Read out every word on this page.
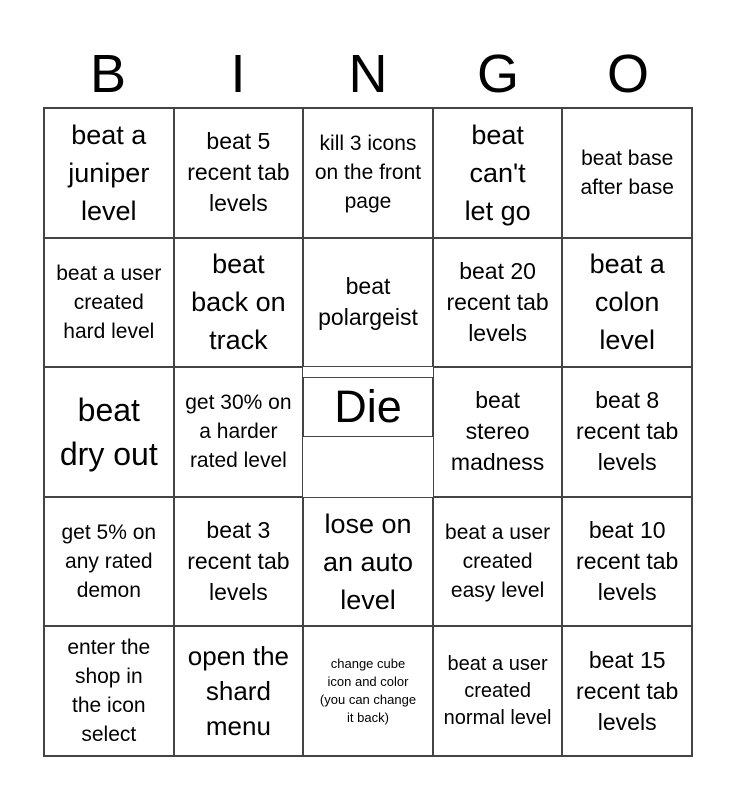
B	I	N	G	O
beat a juniper level
beat 5 recent tab levels
kill 3 icons on the front page
beat can't let go
beat base after base
beat a user created hard level
beat back on track
beat polargeist
beat 20 recent tab levels
beat a colon level
beat dry out
get 30% on a harder rated level
Die	beat stereo madness
beat 8 recent tab levels
get 5% on any rated demon
beat 3 recent tab levels
lose on an auto level
beat a user created easy level
beat 10 recent tab levels
enter the shop in the icon select
open the shard menu
change cube icon and color (you can change it back)
beat a user created normal level
beat 15 recent tab levels
